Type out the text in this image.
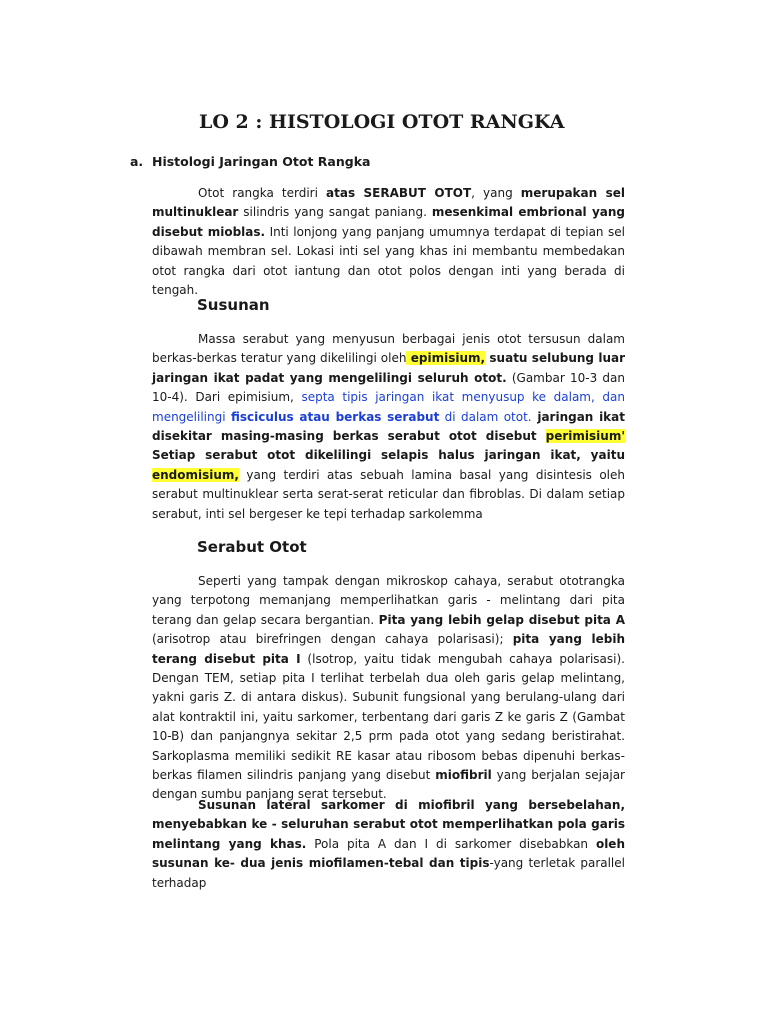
LO 2 : HISTOLOGI OTOT RANGKA
a. Histologi Jaringan Otot Rangka

Otot rangka terdiri atas SERABUT OTOT, yang merupakan sel multinuklear silindris yang sangat paniang. mesenkimal embrional yang disebut mioblas. Inti lonjong yang panjang umumnya terdapat di tepian sel dibawah membran sel. Lokasi inti sel yang khas ini membantu membedakan otot rangka dari otot iantung dan otot polos dengan inti yang berada di tengah.

Susunan

Massa serabut yang menyusun berbagai jenis otot tersusun dalam berkas-berkas teratur yang dikelilingi oleh epimisium, suatu selubung luar jaringan ikat padat yang mengelilingi seluruh otot. (Gambar 10-3 dan 10-4). Dari epimisium, septa tipis jaringan ikat menyusup ke dalam, dan mengelilingi fisciculus atau berkas serabut di dalam otot. jaringan ikat disekitar masing-masing berkas serabut otot disebut perimisium' Setiap serabut otot dikelilingi selapis halus jaringan ikat, yaitu endomisium, yang terdiri atas sebuah lamina basal yang disintesis oleh serabut multinuklear serta serat-serat reticular dan fibroblas. Di dalam setiap serabut, inti sel bergeser ke tepi terhadap sarkolemma

Serabut Otot

Seperti yang tampak dengan mikroskop cahaya, serabut ototrangka yang terpotong memanjang memperlihatkan garis - melintang dari pita terang dan gelap secara bergantian. Pita yang lebih gelap disebut pita A (arisotrop atau birefringen dengan cahaya polarisasi); pita yang lebih terang disebut pita I (lsotrop, yaitu tidak mengubah cahaya polarisasi). Dengan TEM, setiap pita I terlihat terbelah dua oleh garis gelap melintang, yakni garis Z. di antara diskus). Subunit fungsional yang berulang-ulang dari alat kontraktil ini, yaitu sarkomer, terbentang dari garis Z ke garis Z (Gambat 10-B) dan panjangnya sekitar 2,5 prm pada otot yang sedang beristirahat. Sarkoplasma memiliki sedikit RE kasar atau ribosom bebas dipenuhi berkas-berkas filamen silindris panjang yang disebut miofibril yang berjalan sejajar dengan sumbu panjang serat tersebut.

Susunan lateral sarkomer di miofibril yang bersebelahan, menyebabkan ke - seluruhan serabut otot memperlihatkan pola garis melintang yang khas. Pola pita A dan I di sarkomer disebabkan oleh susunan ke- dua jenis miofilamen-tebal dan tipis-yang terletak parallel terhadap
